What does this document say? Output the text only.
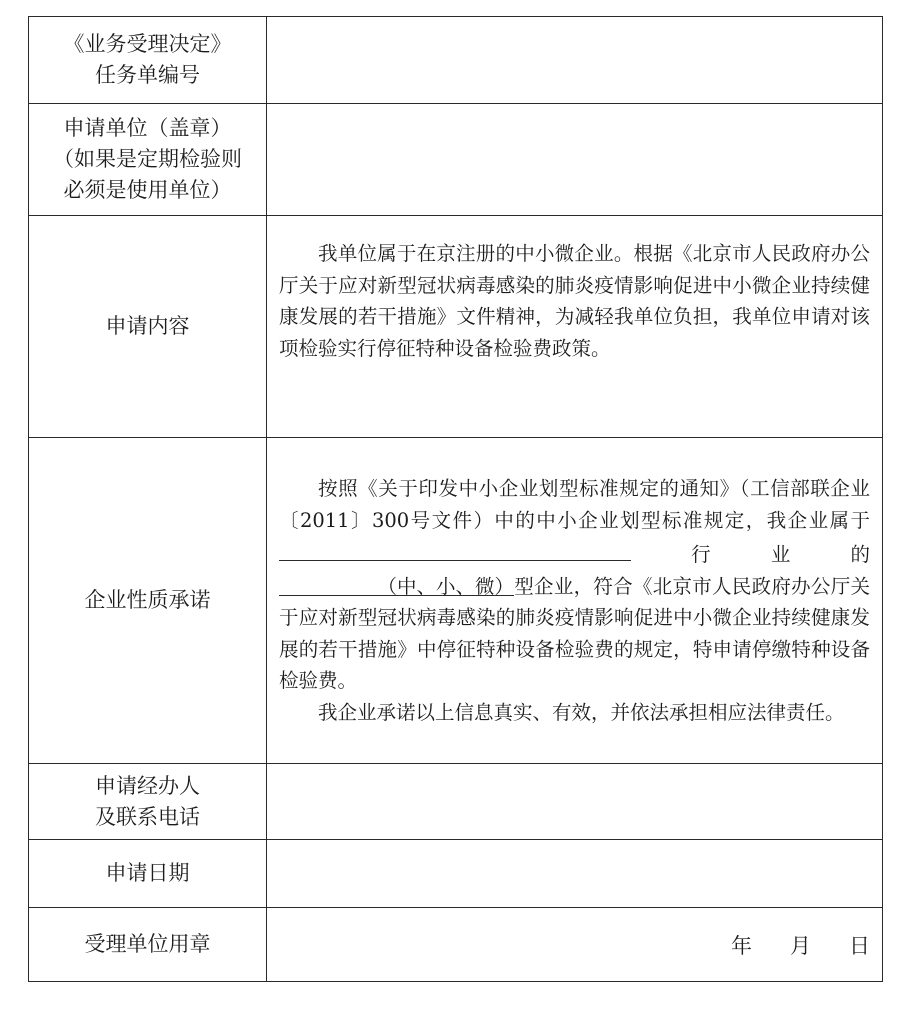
《业务受理决定》
任务单编号	

申请单位（盖章）
（如果是定期检验则
必须是使用单位）	

申请内容	我单位属于在京注册的中小微企业。根据《北京市人民政府办公厅关于应对新型冠状病毒感染的肺炎疫情影响促进中小微企业持续健康发展的若干措施》文件精神，为减轻我单位负担，我单位申请对该项检验实行停征特种设备检验费政策。

企业性质承诺	按照《关于印发中小企业划型标准规定的通知》（工信部联企业〔2011〕300号文件）中的中小企业划型标准规定，我企业属于行业的（中、小、微）型企业，符合《北京市人民政府办公厅关于应对新型冠状病毒感染的肺炎疫情影响促进中小微企业持续健康发展的若干措施》中停征特种设备检验费的规定，特申请停缴特种设备检验费。

我企业承诺以上信息真实、有效，并依法承担相应法律责任。

申请经办人
及联系电话	

申请日期	
受理单位用章	年 月 日
